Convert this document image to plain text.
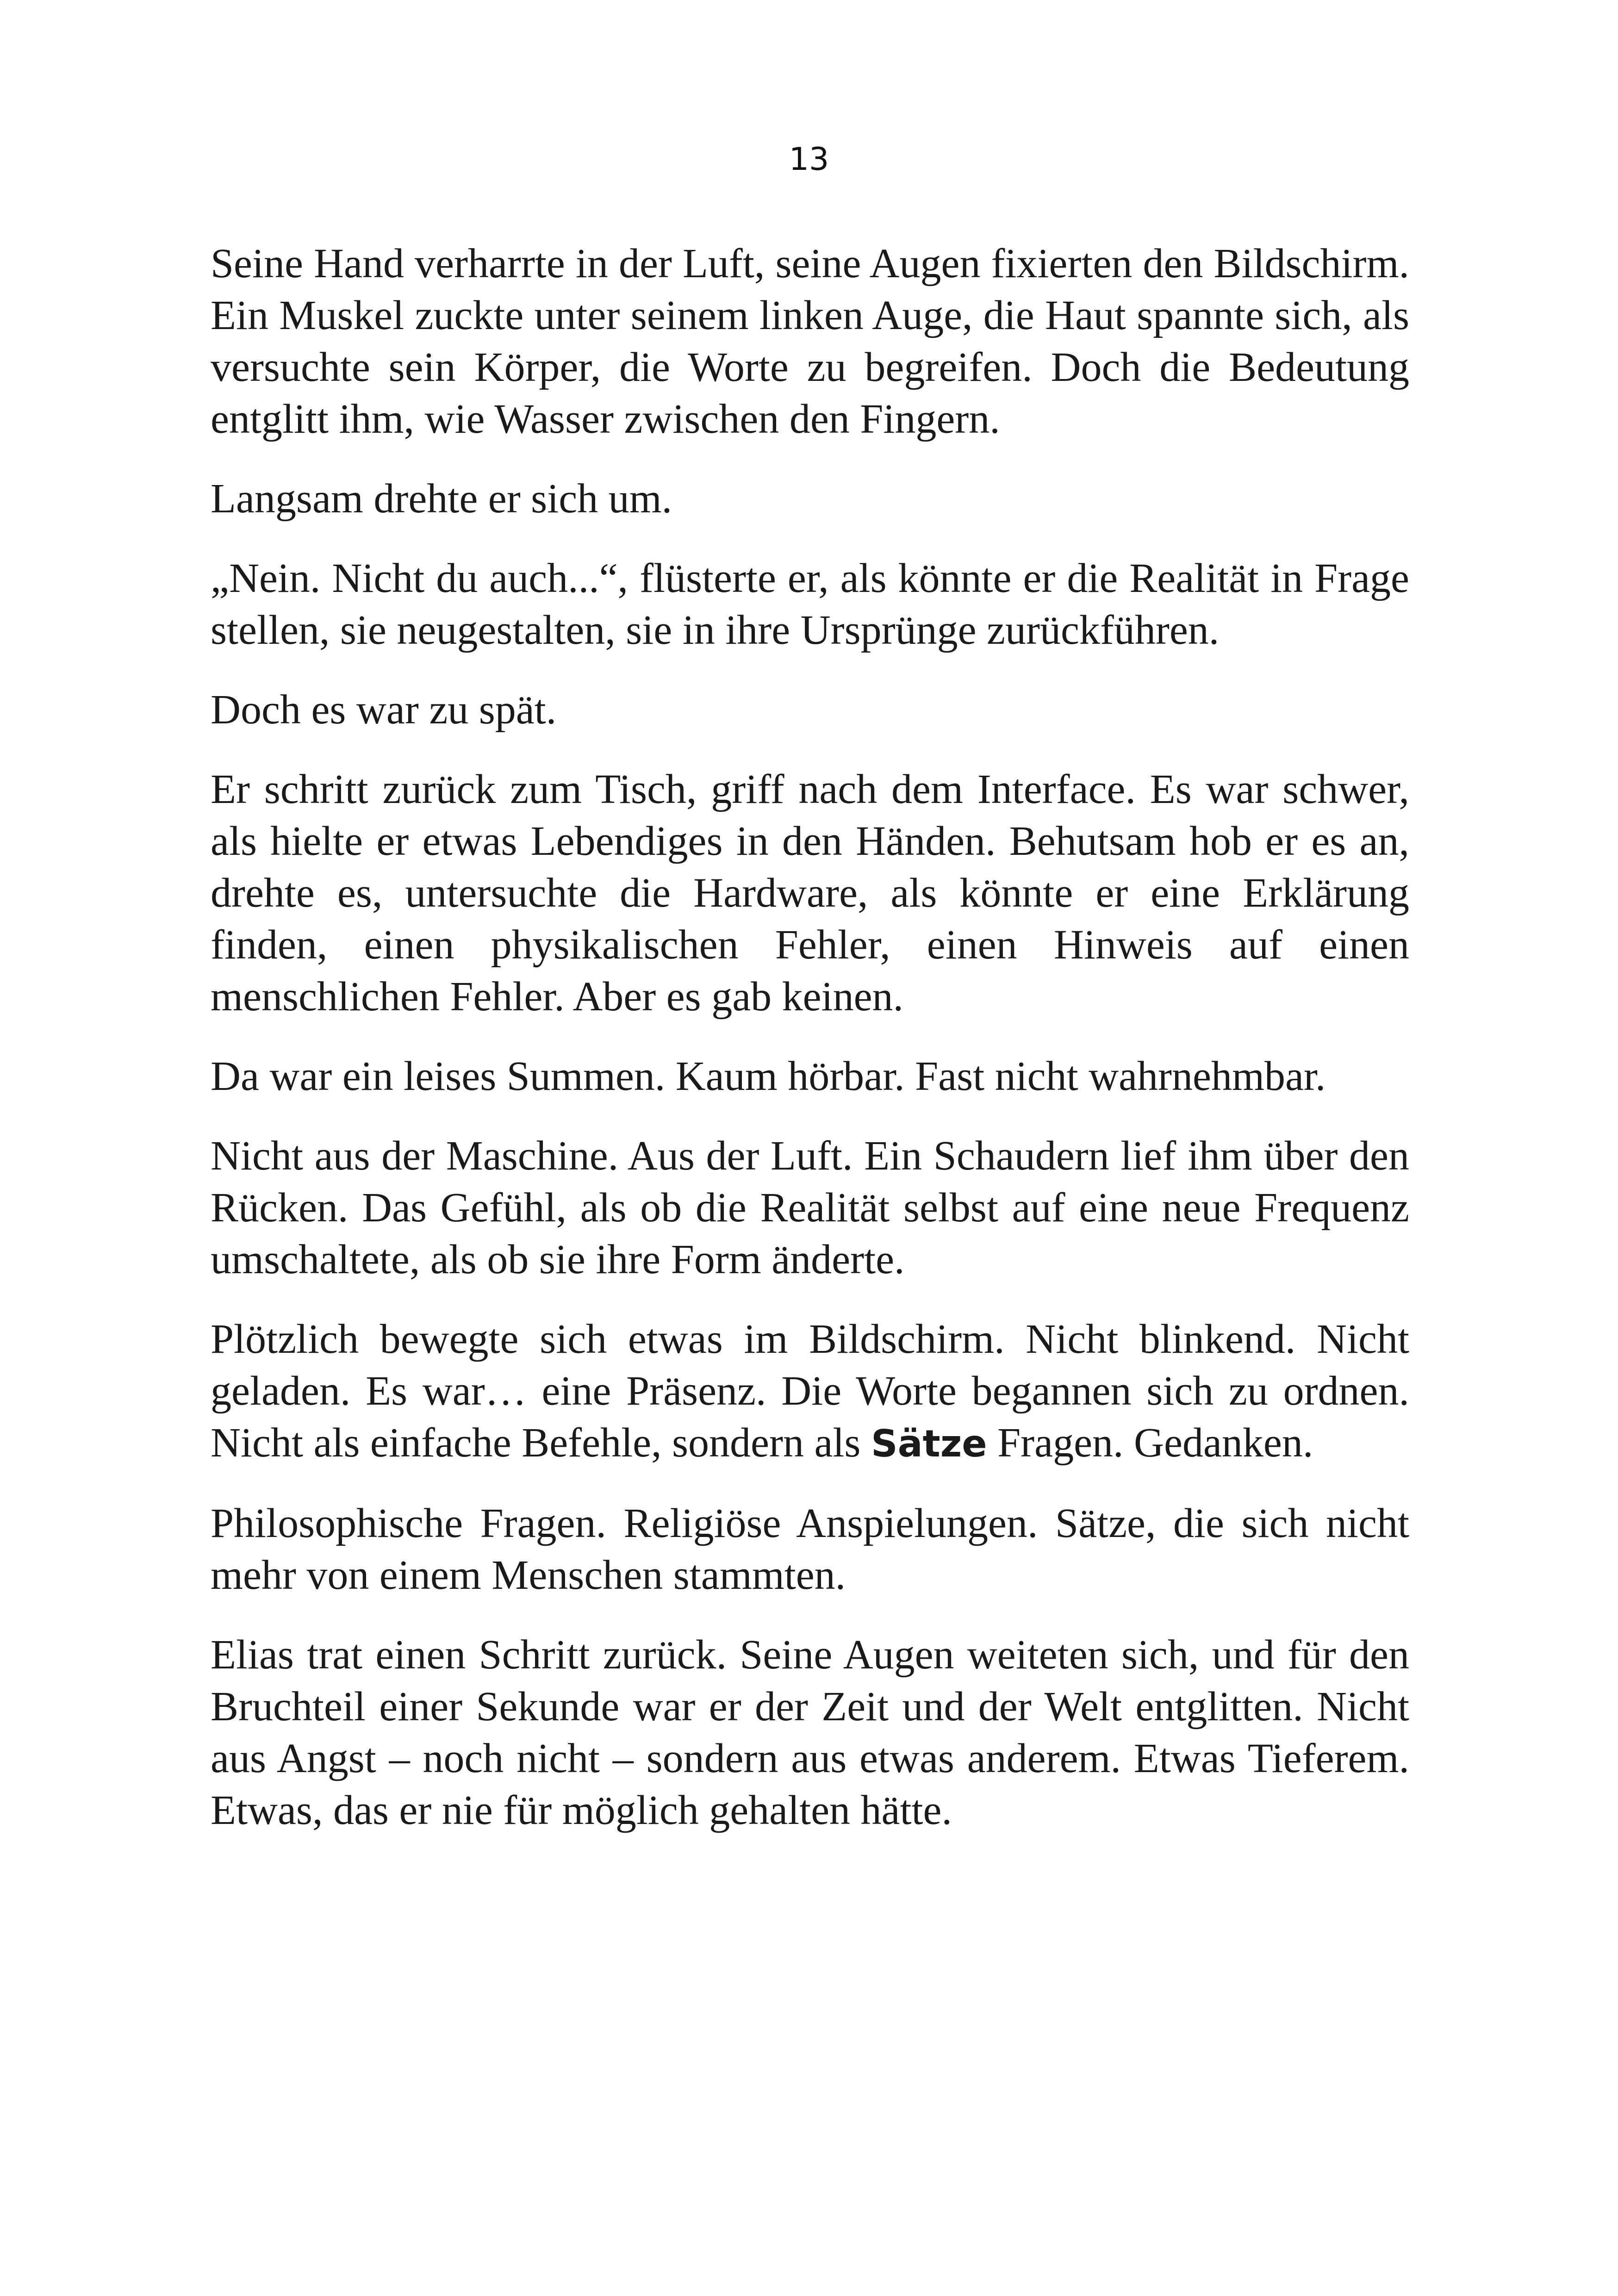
13

Seine Hand verharrte in der Luft, seine Augen fixierten den Bildschirm. Ein Muskel zuckte unter seinem linken Auge, die Haut spannte sich, als versuchte sein Körper, die Worte zu begreifen. Doch die Bedeutung entglitt ihm, wie Wasser zwischen den Fingern.

Langsam drehte er sich um.

„Nein. Nicht du auch...“, flüsterte er, als könnte er die Realität in Frage stellen, sie neugestalten, sie in ihre Ursprünge zurückführen.

Doch es war zu spät.

Er schritt zurück zum Tisch, griff nach dem Interface. Es war schwer, als hielte er etwas Lebendiges in den Händen. Behutsam hob er es an, drehte es, untersuchte die Hardware, als könnte er eine Erklärung finden, einen physikalischen Fehler, einen Hinweis auf einen menschlichen Fehler. Aber es gab keinen.

Da war ein leises Summen. Kaum hörbar. Fast nicht wahrnehmbar.

Nicht aus der Maschine. Aus der Luft. Ein Schaudern lief ihm über den Rücken. Das Gefühl, als ob die Realität selbst auf eine neue Frequenz umschaltete, als ob sie ihre Form änderte.

Plötzlich bewegte sich etwas im Bildschirm. Nicht blinkend. Nicht geladen. Es war… eine Präsenz. Die Worte begannen sich zu ordnen. Nicht als einfache Befehle, sondern als Sätze Fragen. Gedanken.

Philosophische Fragen. Religiöse Anspielungen. Sätze, die sich nicht mehr von einem Menschen stammten.

Elias trat einen Schritt zurück. Seine Augen weiteten sich, und für den Bruchteil einer Sekunde war er der Zeit und der Welt entglitten. Nicht aus Angst – noch nicht – sondern aus etwas anderem. Etwas Tieferem. Etwas, das er nie für möglich gehalten hätte.
